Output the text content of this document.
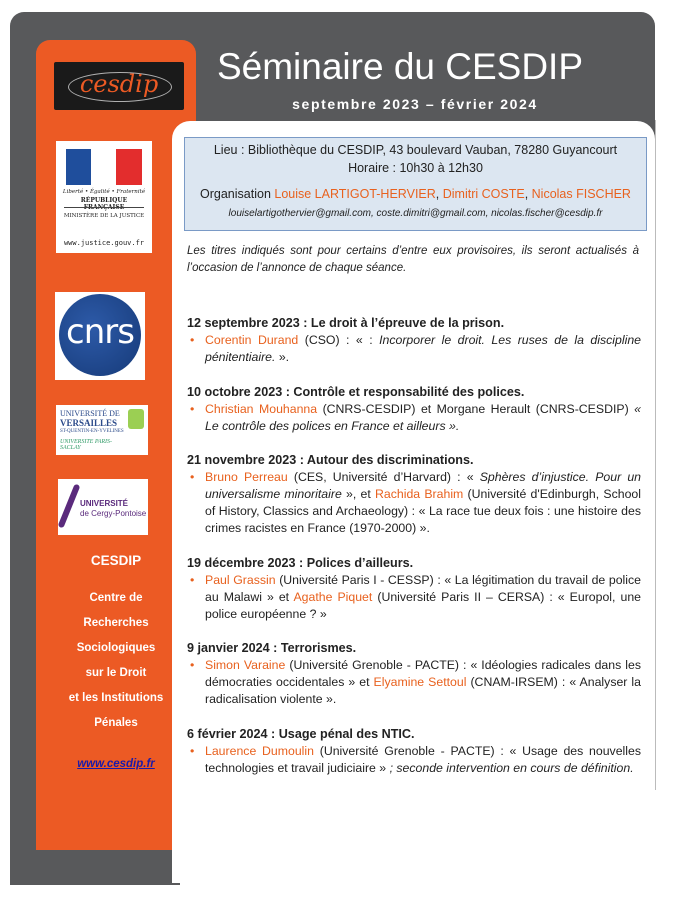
Séminaire du CESDIP
septembre 2023 – février 2024
cesdip
Liberté • Égalité • Fraternité
RÉPUBLIQUE
MINISTÈRE DE LA JUSTICE
www.justice.gouv.fr
cnrs
UNIVERSITÉ DE
VERSAILLES
ST-QUENTIN-EN-YVELINES
UNIVERSITE PARIS-SACLAY
UNIVERSITÉ
de Cergy-Pontoise
CESDIP
Centre de
Recherches
Sociologiques
sur le Droit
et les Institutions
Pénales
www.cesdip.fr
Lieu : Bibliothèque du CESDIP, 43 boulevard Vauban, 78280 Guyancourt
Horaire : 10h30 à 12h30
Organisation Louise LARTIGOT-HERVIER, Dimitri COSTE, Nicolas FISCHER
louiselartigothervier@gmail.com, coste.dimitri@gmail.com, nicolas.fischer@cesdip.fr
Les titres indiqués sont pour certains d’entre eux provisoires, ils seront actualisés à l’occasion de l’annonce de chaque séance.
12 septembre 2023 : Le droit à l’épreuve de la prison.
• Corentin Durand (CSO) : « : Incorporer le droit. Les ruses de la discipline pénitentiaire. ».
10 octobre 2023 : Contrôle et responsabilité des polices.
• Christian Mouhanna (CNRS-CESDIP) et Morgane Herault (CNRS-CESDIP) « Le contrôle des polices en France et ailleurs ».
21 novembre 2023 : Autour des discriminations.
• Bruno Perreau (CES, Université d’Harvard) : « Sphères d’injustice. Pour un universalisme minoritaire », et Rachida Brahim (Université d'Edinburgh, School of History, Classics and Archaeology) : « La race tue deux fois : une histoire des crimes racistes en France (1970-2000) ».
19 décembre 2023 : Polices d’ailleurs.
• Paul Grassin (Université Paris I - CESSP) : « La légitimation du travail de police au Malawi » et Agathe Piquet (Université Paris II – CERSA) : « Europol, une police européenne ? »
9 janvier 2024 : Terrorismes.
• Simon Varaine (Université Grenoble - PACTE) : « Idéologies radicales dans les démocraties occidentales » et Elyamine Settoul (CNAM-IRSEM) : « Analyser la radicalisation violente ».
6 février 2024 : Usage pénal des NTIC.
• Laurence Dumoulin (Université Grenoble - PACTE) : « Usage des nouvelles technologies et travail judiciaire » ; seconde intervention en cours de définition.
